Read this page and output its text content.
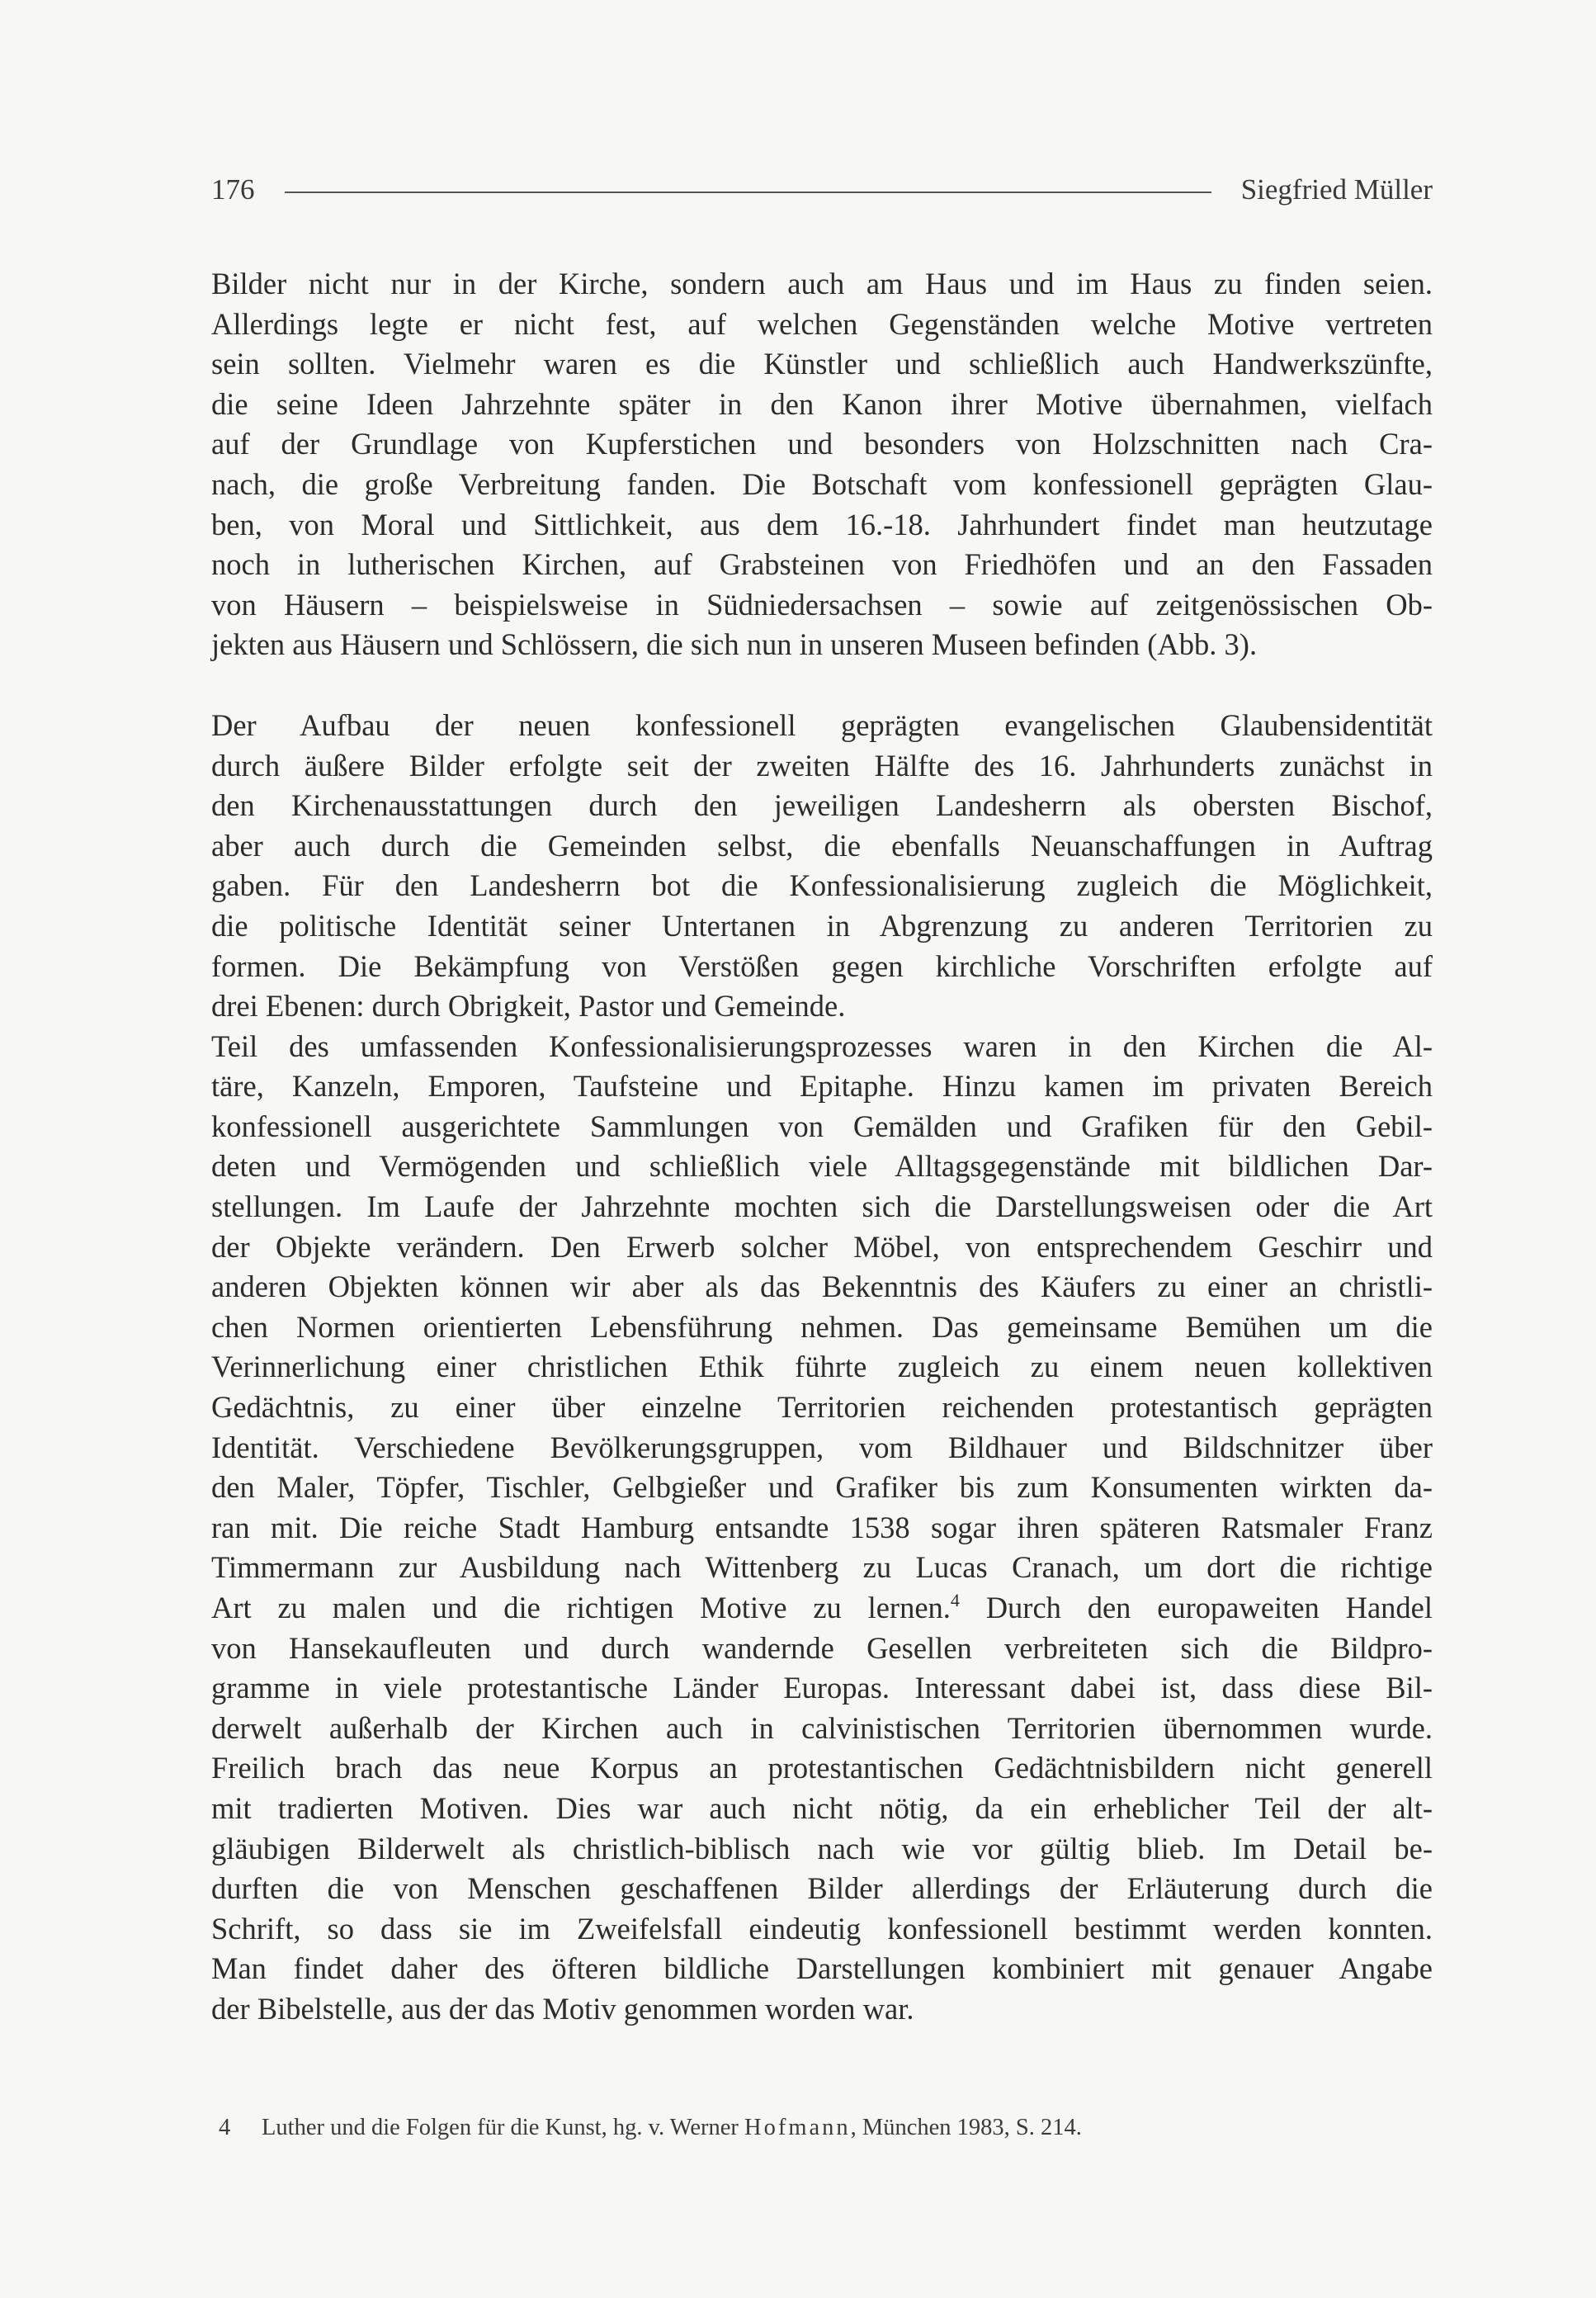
176	Siegfried Müller
Bilder nicht nur in der Kirche, sondern auch am Haus und im Haus zu finden seien.
Allerdings legte er nicht fest, auf welchen Gegenständen welche Motive vertreten
sein sollten. Vielmehr waren es die Künstler und schließlich auch Handwerkszünfte,
die seine Ideen Jahrzehnte später in den Kanon ihrer Motive übernahmen, vielfach
auf der Grundlage von Kupferstichen und besonders von Holzschnitten nach Cra-
nach, die große Verbreitung fanden. Die Botschaft vom konfessionell geprägten Glau-
ben, von Moral und Sittlichkeit, aus dem 16.-18. Jahrhundert findet man heutzutage
noch in lutherischen Kirchen, auf Grabsteinen von Friedhöfen und an den Fassaden
von Häusern – beispielsweise in Südniedersachsen – sowie auf zeitgenössischen Ob-
jekten aus Häusern und Schlössern, die sich nun in unseren Museen befinden (Abb. 3).
Der Aufbau der neuen konfessionell geprägten evangelischen Glaubensidentität
durch äußere Bilder erfolgte seit der zweiten Hälfte des 16. Jahrhunderts zunächst in
den Kirchenausstattungen durch den jeweiligen Landesherrn als obersten Bischof,
aber auch durch die Gemeinden selbst, die ebenfalls Neuanschaffungen in Auftrag
gaben. Für den Landesherrn bot die Konfessionalisierung zugleich die Möglichkeit,
die politische Identität seiner Untertanen in Abgrenzung zu anderen Territorien zu
formen. Die Bekämpfung von Verstößen gegen kirchliche Vorschriften erfolgte auf
drei Ebenen: durch Obrigkeit, Pastor und Gemeinde.
Teil des umfassenden Konfessionalisierungsprozesses waren in den Kirchen die Al-
täre, Kanzeln, Emporen, Taufsteine und Epitaphe. Hinzu kamen im privaten Bereich
konfessionell ausgerichtete Sammlungen von Gemälden und Grafiken für den Gebil-
deten und Vermögenden und schließlich viele Alltagsgegenstände mit bildlichen Dar-
stellungen. Im Laufe der Jahrzehnte mochten sich die Darstellungsweisen oder die Art
der Objekte verändern. Den Erwerb solcher Möbel, von entsprechendem Geschirr und
anderen Objekten können wir aber als das Bekenntnis des Käufers zu einer an christli-
chen Normen orientierten Lebensführung nehmen. Das gemeinsame Bemühen um die
Verinnerlichung einer christlichen Ethik führte zugleich zu einem neuen kollektiven
Gedächtnis, zu einer über einzelne Territorien reichenden protestantisch geprägten
Identität. Verschiedene Bevölkerungsgruppen, vom Bildhauer und Bildschnitzer über
den Maler, Töpfer, Tischler, Gelbgießer und Grafiker bis zum Konsumenten wirkten da-
ran mit. Die reiche Stadt Hamburg entsandte 1538 sogar ihren späteren Ratsmaler Franz
Timmermann zur Ausbildung nach Wittenberg zu Lucas Cranach, um dort die richtige
Art zu malen und die richtigen Motive zu lernen.$^4$ Durch den europaweiten Handel
von Hansekaufleuten und durch wandernde Gesellen verbreiteten sich die Bildpro-
gramme in viele protestantische Länder Europas. Interessant dabei ist, dass diese Bil-
derwelt außerhalb der Kirchen auch in calvinistischen Territorien übernommen wurde.
Freilich brach das neue Korpus an protestantischen Gedächtnisbildern nicht generell
mit tradierten Motiven. Dies war auch nicht nötig, da ein erheblicher Teil der alt-
gläubigen Bilderwelt als christlich-biblisch nach wie vor gültig blieb. Im Detail be-
durften die von Menschen geschaffenen Bilder allerdings der Erläuterung durch die
Schrift, so dass sie im Zweifelsfall eindeutig konfessionell bestimmt werden konnten.
Man findet daher des öfteren bildliche Darstellungen kombiniert mit genauer Angabe
der Bibelstelle, aus der das Motiv genommen worden war.
4 Luther und die Folgen für die Kunst, hg. v. Werner Hofmann, München 1983, S. 214.
